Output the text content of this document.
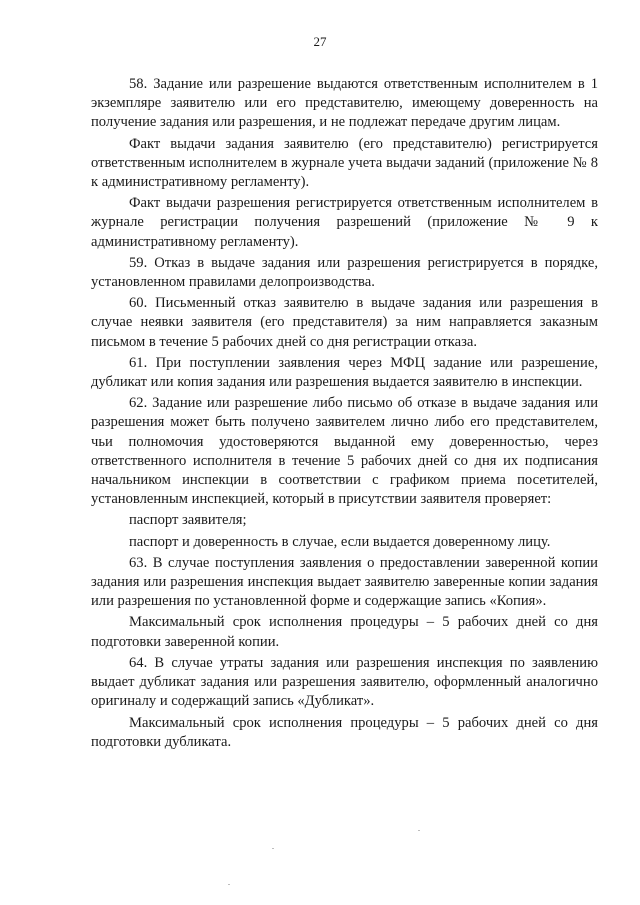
27

58. Задание или разрешение выдаются ответственным исполнителем в 1 экземпляре заявителю или его представителю, имеющему доверенность на получение задания или разрешения, и не подлежат передаче другим лицам.

Факт выдачи задания заявителю (его представителю) регистрируется ответственным исполнителем в журнале учета выдачи заданий (приложение № 8 к административному регламенту).

Факт выдачи разрешения регистрируется ответственным исполнителем в журнале регистрации получения разрешений (приложение № 9 к административному регламенту).

59. Отказ в выдаче задания или разрешения регистрируется в порядке, установленном правилами делопроизводства.

60. Письменный отказ заявителю в выдаче задания или разрешения в случае неявки заявителя (его представителя) за ним направляется заказным письмом в течение 5 рабочих дней со дня регистрации отказа.

61. При поступлении заявления через МФЦ задание или разрешение, дубликат или копия задания или разрешения выдается заявителю в инспекции.

62. Задание или разрешение либо письмо об отказе в выдаче задания или разрешения может быть получено заявителем лично либо его представителем, чьи полномочия удостоверяются выданной ему доверенностью, через ответственного исполнителя в течение 5 рабочих дней со дня их подписания начальником инспекции в соответствии с графиком приема посетителей, установленным инспекцией, который в присутствии заявителя проверяет:

паспорт заявителя;

паспорт и доверенность в случае, если выдается доверенному лицу.

63. В случае поступления заявления о предоставлении заверенной копии задания или разрешения инспекция выдает заявителю заверенные копии задания или разрешения по установленной форме и содержащие запись «Копия».

Максимальный срок исполнения процедуры – 5 рабочих дней со дня подготовки заверенной копии.

64. В случае утраты задания или разрешения инспекция по заявлению выдает дубликат задания или разрешения заявителю, оформленный аналогично оригиналу и содержащий запись «Дубликат».

Максимальный срок исполнения процедуры – 5 рабочих дней со дня подготовки дубликата.
